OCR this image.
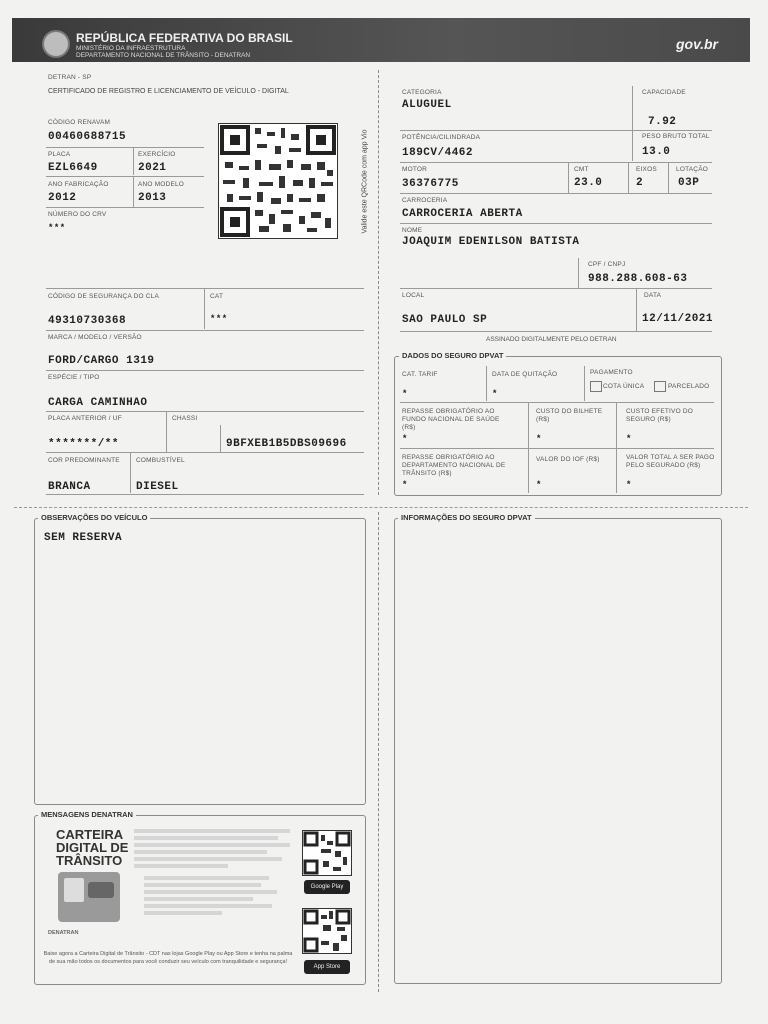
REPÚBLICA FEDERATIVA DO BRASIL
MINISTÉRIO DA INFRAESTRUTURA
DEPARTAMENTO NACIONAL DE TRÂNSITO - DENATRAN
gov.br
DETRAN - SP
CERTIFICADO DE REGISTRO E LICENCIAMENTO DE VEÍCULO - DIGITAL
CÓDIGO RENAVAM
00460688715
PLACA
EZL6649
EXERCÍCIO
2021
ANO FABRICAÇÃO
2012
ANO MODELO
2013
NÚMERO DO CRV
***	Valide este QRCode com app Vio
CÓDIGO DE SEGURANÇA DO CLA
49310730368
CAT
***
MARCA / MODELO / VERSÃO
FORD/CARGO 1319
ESPÉCIE / TIPO
CARGA CAMINHAO
PLACA ANTERIOR / UF
*******/**
CHASSI
9BFXEB1B5DBS09696
COR PREDOMINANTE
BRANCA
COMBUSTÍVEL
DIESEL
CATEGORIA
ALUGUEL
CAPACIDADE
7.92
POTÊNCIA/CILINDRADA
189CV/4462
PESO BRUTO TOTAL
13.0
MOTOR
36376775
CMT
23.0
EIXOS
2
LOTAÇÃO
03P
CARROCERIA
CARROCERIA ABERTA
NOME
JOAQUIM EDENILSON BATISTA
CPF / CNPJ
988.288.608-63
LOCAL
SAO PAULO SP
DATA
12/11/2021
ASSINADO DIGITALMENTE PELO DETRAN
DADOS DO SEGURO DPVAT
CAT. TARIF
*
DATA DE QUITAÇÃO
*
PAGAMENTO
COTA ÚNICA	PARCELADO
REPASSE OBRIGATÓRIO AO FUNDO NACIONAL DE SAÚDE (R$)
*
CUSTO DO BILHETE (R$)
*
CUSTO EFETIVO DO SEGURO (R$)
*
REPASSE OBRIGATÓRIO AO DEPARTAMENTO NACIONAL DE TRÂNSITO (R$)
*
VALOR DO IOF (R$)
*
VALOR TOTAL A SER PAGO PELO SEGURADO (R$)
*
OBSERVAÇÕES DO VEÍCULO
SEM RESERVA
INFORMAÇÕES DO SEGURO DPVAT
MENSAGENS DENATRAN
CARTEIRA
DIGITAL DE
TRÂNSITO
DENATRAN
Google Play
App Store
Baixe agora a Carteira Digital de Trânsito - CDT nas lojas Google Play ou App Store e tenha na palma de sua mão todos os documentos para você conduzir seu veículo com tranquilidade e segurança!
